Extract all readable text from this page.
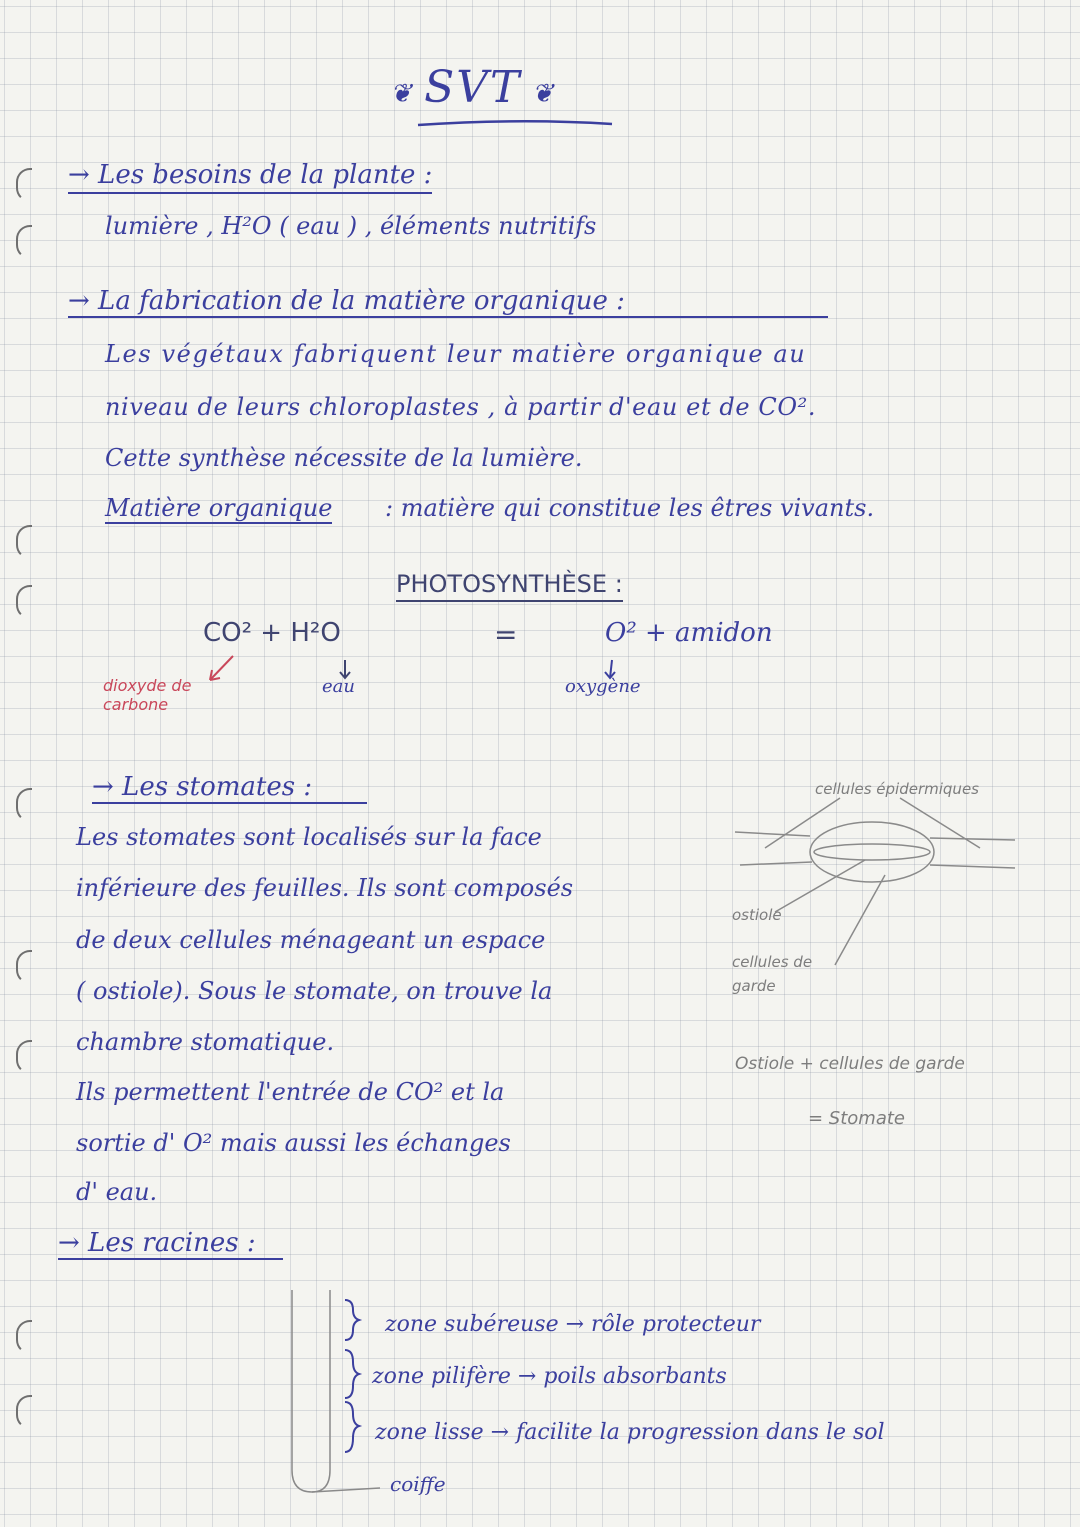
❦ SVT ❦
→ Les besoins de la plante :
lumière , H²O ( eau ) , éléments nutritifs
→ La fabrication de la matière organique :
Les végétaux fabriquent leur matière organique au
niveau de leurs chloroplastes , à partir d'eau et de CO².
Cette synthèse nécessite de la lumière.
Matière organique : matière qui constitue les êtres vivants.
PHOTOSYNTHÈSE :
CO² + H²O	=	O² + amidon
dioxyde de carbone
eau	oxygène
→ Les stomates :
Les stomates sont localisés sur la face
inférieure des feuilles. Ils sont composés
de deux cellules ménageant un espace
( ostiole). Sous le stomate, on trouve la
chambre stomatique.
Ils permettent l'entrée de CO² et la
sortie d' O² mais aussi les échanges
d' eau.
cellules épidermiques
ostiole
cellules de garde
Ostiole + cellules de garde
= Stomate
→ Les racines :
zone subéreuse → rôle protecteur
zone pilifère → poils absorbants
zone lisse → facilite la progression dans le sol
coiffe
